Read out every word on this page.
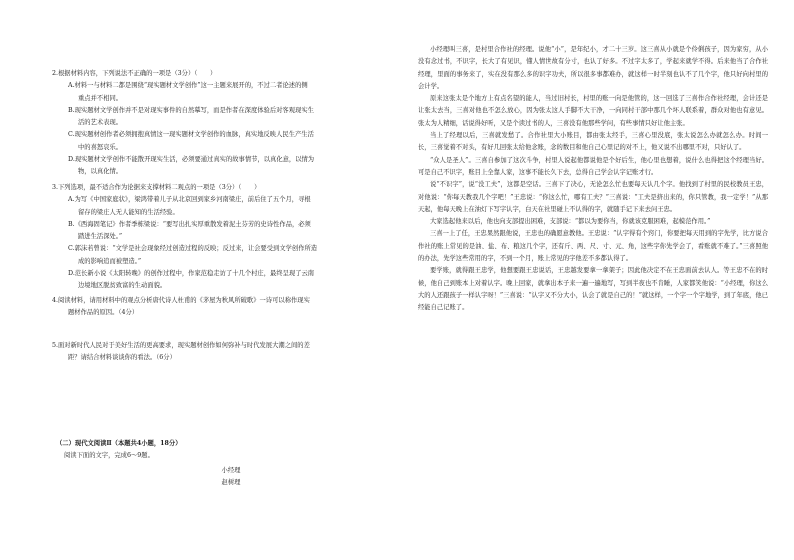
2.根据材料内容，下列说法不正确的一项是（3分）（　　）
A.材料一与材料二都是围绕“现实题材文学创作”这一主题来展开的，不过二者论述的侧
重点并不相同。
B.现实题材文学创作并不是对现实事件的自然摹写，而是作者在深度体验后对客观现实生
活的艺术表现。
C.现实题材创作者必须拥抱真情这一现实题材文学创作的血脉，真实地反映人民生产生活
中的喜怒哀乐。
D.现实题材文学创作不能散开现实生活，必须要通过真实的故事情节，以真化意，以情为
物，以真化情。
3.下列选项，最不适合作为论据来支撑材料二观点的一项是（3分）（　　）
A.为写《中国家庭状》，梁鸿带着儿子从北京回到家乡河南梁庄，前后住了五个月，寻根
留存的梁庄人无人能知的生活经验。
B.《西海固笔记》作者季栋梁说：“要写出扎实厚重散发着泥土芬芳的史诗性作品，必须
踏进生活深处。”
C.郭沫若曾说：“文学是社会现象经过创造过程的反映；反过来，让会要受到文学创作所造
成的影响追而被塑造。”
D.范长新小说《太阳转晚》的创作过程中，作家范稳走访了十几个村庄，最终呈现了云南
边境地区脱贫致富的生动面貌。
4.阅读材料，请用材料中的观点分析唐代诗人杜甫的《茅屋为秋风所破歌》一诗可以称作现实
题材作品的原因。（4分）
5.面对新时代人民对于美好生活的更高要求，现实题材创作如何弥补与时代发展大潮之间的差
距？请结合材料谈谈你的看法。（6分）
（二）现代文阅读Ⅱ（本题共4小题，18分）
阅读下面的文字，完成6～9题。
小经理
赵树理

小经理叫三喜，是村里合作社的经理。说他“小”，是年纪小，才二十三岁。这三喜从小就是个伶俐孩子，因为家穷，从小没有念过书，不识字，长大了有见识，懂人情世故有分寸，也认了好多。不过字太多了，学起来就学不得。后来他当了合作社经理，里面的事务来了，实在没有那么多的识字功夫，所以很多事都难办，就这样一时半刻也认不了几个字，他只好向村里的会计学。

原来这张太是个地方上有点名望的能人，当过旧村长，村里的账一向是他管的，这一回选了三喜作合作社经理，会计还是让张太去当，三喜对他也不怎么放心，因为张太这人手脚不大干净，一向同村干部中那几个坏人联系着，群众对他也有意见。张太为人精细，话说得好听，又是个读过书的人，三喜没有他那些学问，有些事情只好让他主张。

当上了经理以后，三喜就发愁了。合作社里大小账目，都由张太经手，三喜心里没底，张太说怎么办就怎么办。时间一长，三喜觉着不对头，有好几回张太给他念账，念的数目和他自己心里记的对不上，他又说不出哪里不对，只好认了。

“众人是圣人”。三喜自参加了这次斗争，村里人说起他都说他是个好后生，他心里也想着，说什么也得把这个经理当好。可是自己不识字，账目上全靠人家，这事不能长久下去，总得自己学会认字记账才行。

说“不识字”，说“没工夫”，这都是空话。三喜下了决心，无论怎么忙也要每天认几个字。他找到了村里的民校教员王忠，对他说：“你每天教我几个字吧！”王忠说：“你这么忙，哪有工夫？”三喜说：“工夫是挤出来的，你只管教，我一定学！”从那天起，他每天晚上在油灯下写字认字，白天在社里碰上不认得的字，就随手记下来去问王忠。

大家选起他来以后，他也向支部提出困难，支部说：“都以为要你当，你就该克服困难，起模范作用。”

三喜一上了任，王忠果然跟他说，王忠也的确愿意教他。王忠说：“认字得有个窍门，你要把每天用到的字先学，比方说合作社的账上常见的是油、盐、布、粮这几个字，还有斤、两、尺、寸、元、角，这些字你先学会了，看账就不难了。”三喜照他的办法，先学这些常用的字，不到一个月，账上常见的字他差不多都认得了。

要学账，就得跟王忠学，他想要跟王忠说话，王忠越发要拿一拿架子；因此他决定不在王忠面前去认人。等王忠不在的时候，他自己到账本上对着认字。晚上回家，就拿出本子来一遍一遍地写，写到半夜也不肯睡，人家都笑他说：“小经理，你这么大的人还跟孩子一样认字呀！”三喜说：“认字又不分大小，认会了就是自己的！”就这样，一个字一个字地学，到了年底，他已经能自己记账了。
